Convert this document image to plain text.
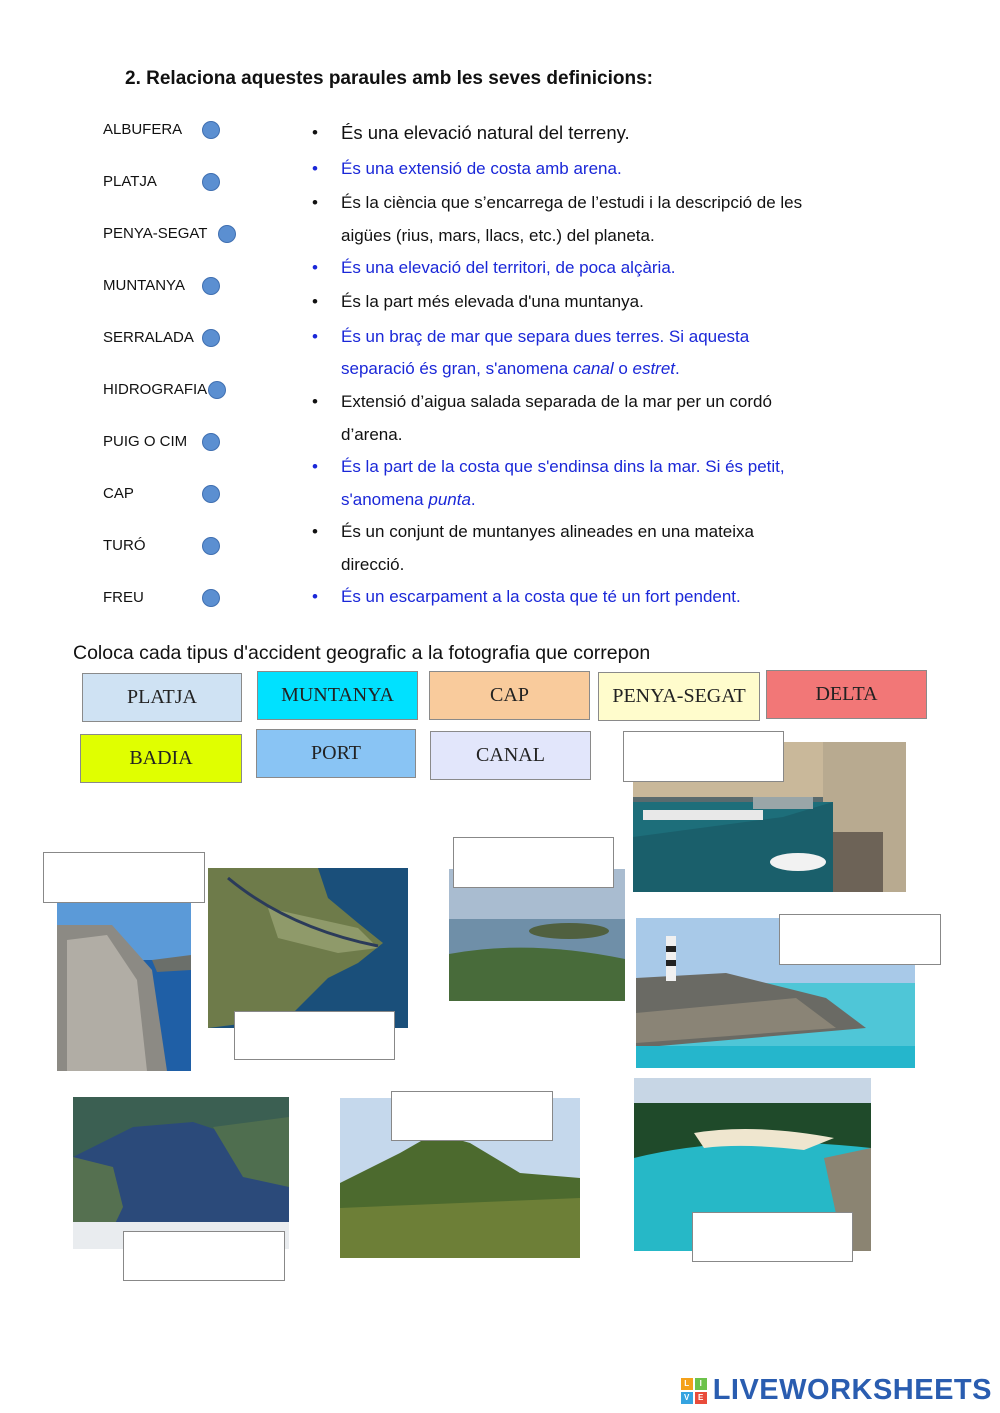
2. Relaciona aquestes paraules amb les seves definicions:
ALBUFERA
PLATJA
PENYA-SEGAT
MUNTANYA
SERRALADA
HIDROGRAFIA
PUIG O CIM
CAP
TURÓ
FREU
•
•
•
•
•
•
•
•
•
•
És una elevació natural del terreny.
És una extensió de costa amb arena.
És la ciència que s’encarrega de l’estudi i la descripció de les
aigües (rius, mars, llacs, etc.) del planeta.
És una elevació del territori, de poca alçària.
És la part més elevada d'una muntanya.
És un braç de mar que separa dues terres. Si aquesta
separació és gran, s'anomena canal o estret.
Extensió d’aigua salada separada de la mar per un cordó
d’arena.
És la part de la costa que s'endinsa dins la mar. Si és petit,
s'anomena punta.
És un conjunt de muntanyes alineades en una mateixa
direcció.
És un escarpament a la costa que té un fort pendent.
Coloca cada tipus d'accident geografic a la fotografia que correpon
PLATJA	MUNTANYA	CAP	PENYA-SEGAT	DELTA
BADIA	PORT	CANAL
L	I
V	E LIVEWORKSHEETS
